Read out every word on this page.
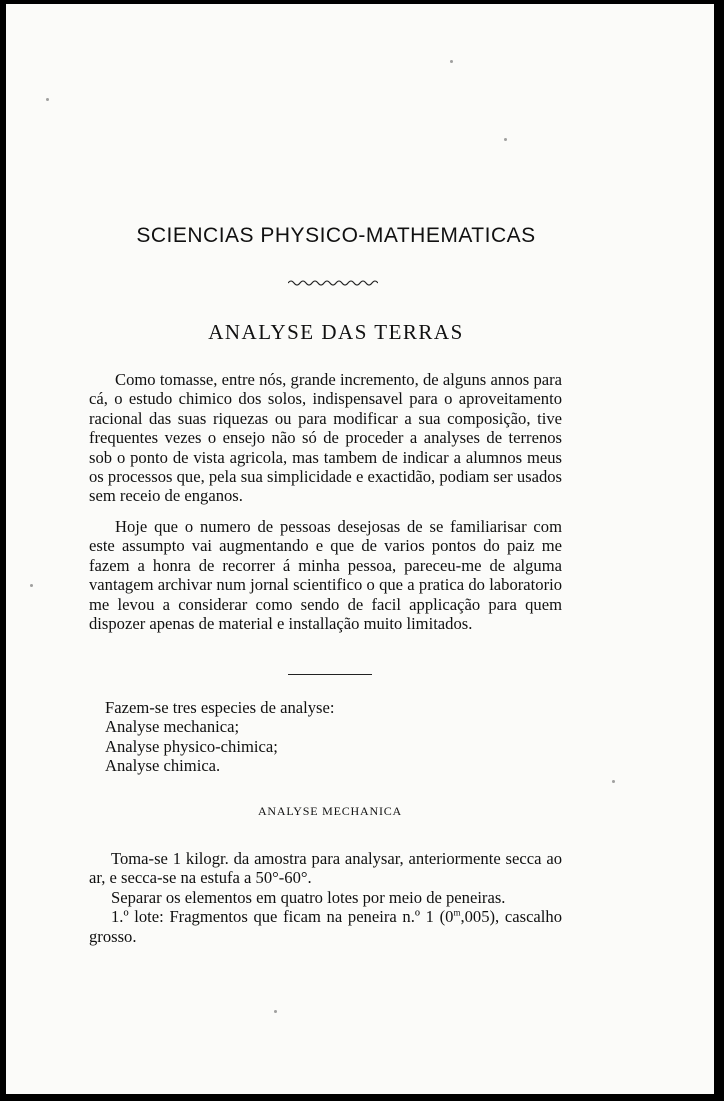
SCIENCIAS PHYSICO-MATHEMATICAS
ANALYSE DAS TERRAS

Como tomasse, entre nós, grande incremento, de alguns annos para cá, o estudo chimico dos solos, indispensavel para o aproveitamento racional das suas riquezas ou para modificar a sua composição, tive frequentes vezes o ensejo não só de proceder a analyses de terrenos sob o ponto de vista agricola, mas tambem de indicar a alumnos meus os processos que, pela sua simplicidade e exactidão, podiam ser usados sem receio de enganos.

Hoje que o numero de pessoas desejosas de se familiarisar com este assumpto vai augmentando e que de varios pontos do paiz me fazem a honra de recorrer á minha pessoa, pareceu-me de alguma vantagem archivar num jornal scientifico o que a pratica do laboratorio me levou a considerar como sendo de facil applicação para quem dispozer apenas de material e installação muito limitados.

Fazem-se tres especies de analyse:
Analyse mechanica;
Analyse physico-chimica;
Analyse chimica.
ANALYSE MECHANICA

Toma-se 1 kilogr. da amostra para analysar, anteriormente secca ao ar, e secca-se na estufa a 50°-60°.

Separar os elementos em quatro lotes por meio de peneiras.

1.º lote: Fragmentos que ficam na peneira n.º 1 (0$^m$,005), cascalho grosso.
